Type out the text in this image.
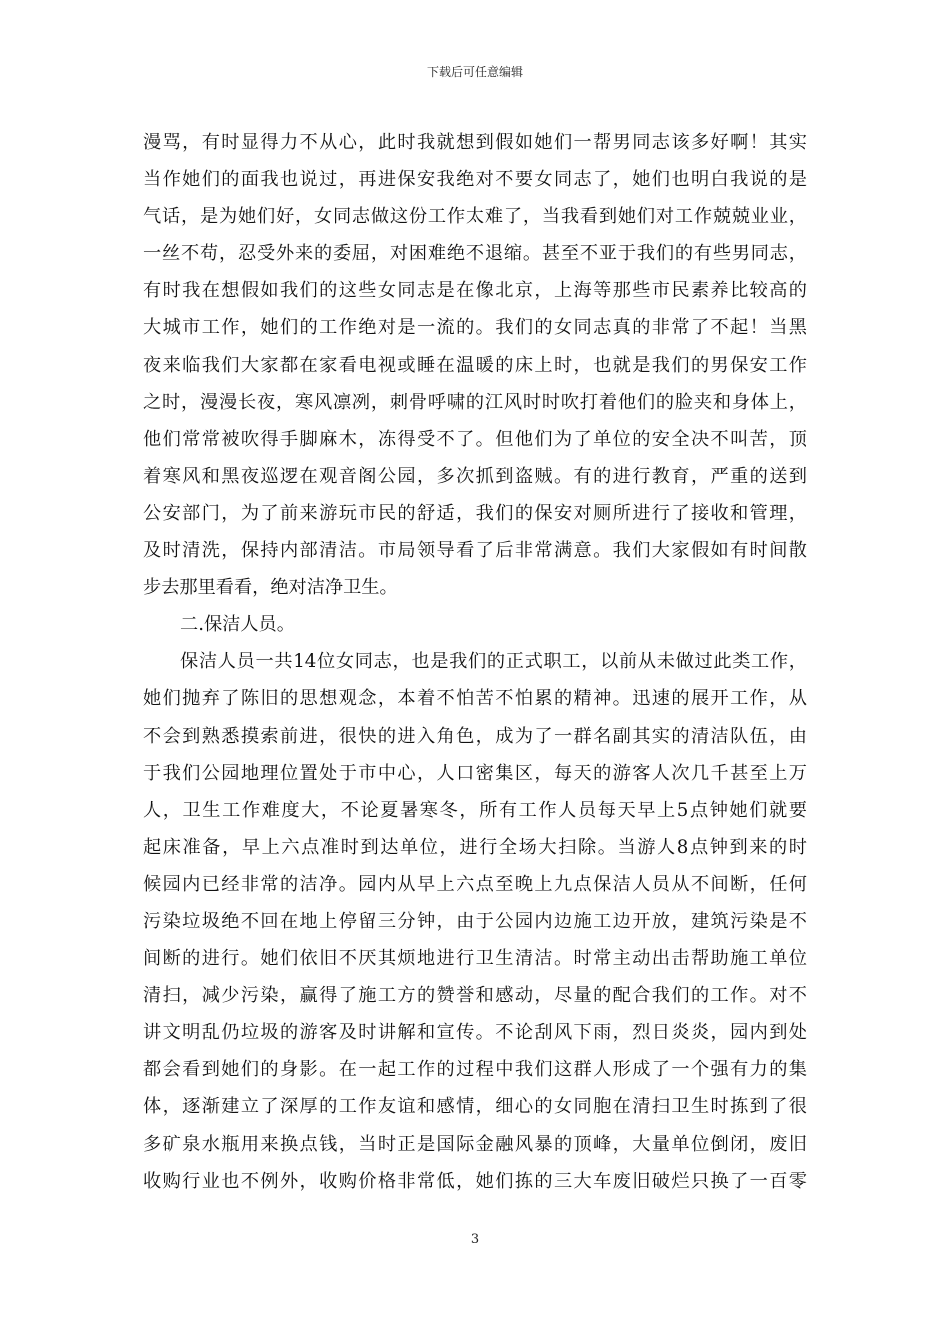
下载后可任意编辑
漫骂，有时显得力不从心，此时我就想到假如她们一帮男同志该多好啊！其实
当作她们的面我也说过，再进保安我绝对不要女同志了，她们也明白我说的是
气话，是为她们好，女同志做这份工作太难了，当我看到她们对工作兢兢业业，
一丝不苟，忍受外来的委屈，对困难绝不退缩。甚至不亚于我们的有些男同志，
有时我在想假如我们的这些女同志是在像北京，上海等那些市民素养比较高的
大城市工作，她们的工作绝对是一流的。我们的女同志真的非常了不起！当黑
夜来临我们大家都在家看电视或睡在温暖的床上时，也就是我们的男保安工作
之时，漫漫长夜，寒风凛冽，刺骨呼啸的江风时时吹打着他们的脸夹和身体上，
他们常常被吹得手脚麻木，冻得受不了。但他们为了单位的安全决不叫苦，顶
着寒风和黑夜巡逻在观音阁公园，多次抓到盗贼。有的进行教育，严重的送到
公安部门，为了前来游玩市民的舒适，我们的保安对厕所进行了接收和管理，
及时清洗，保持内部清洁。市局领导看了后非常满意。我们大家假如有时间散
步去那里看看，绝对洁净卫生。
二.保洁人员。
保洁人员一共14位女同志，也是我们的正式职工，以前从未做过此类工作，
她们抛弃了陈旧的思想观念，本着不怕苦不怕累的精神。迅速的展开工作，从
不会到熟悉摸索前进，很快的进入角色，成为了一群名副其实的清洁队伍，由
于我们公园地理位置处于市中心，人口密集区，每天的游客人次几千甚至上万
人，卫生工作难度大，不论夏暑寒冬，所有工作人员每天早上5点钟她们就要
起床准备，早上六点准时到达单位，进行全场大扫除。当游人8点钟到来的时
候园内已经非常的洁净。园内从早上六点至晚上九点保洁人员从不间断，任何
污染垃圾绝不回在地上停留三分钟，由于公园内边施工边开放，建筑污染是不
间断的进行。她们依旧不厌其烦地进行卫生清洁。时常主动出击帮助施工单位
清扫，减少污染，赢得了施工方的赞誉和感动，尽量的配合我们的工作。对不
讲文明乱仍垃圾的游客及时讲解和宣传。不论刮风下雨，烈日炎炎，园内到处
都会看到她们的身影。在一起工作的过程中我们这群人形成了一个强有力的集
体，逐渐建立了深厚的工作友谊和感情，细心的女同胞在清扫卫生时拣到了很
多矿泉水瓶用来换点钱，当时正是国际金融风暴的顶峰，大量单位倒闭，废旧
收购行业也不例外，收购价格非常低，她们拣的三大车废旧破烂只换了一百零
3
